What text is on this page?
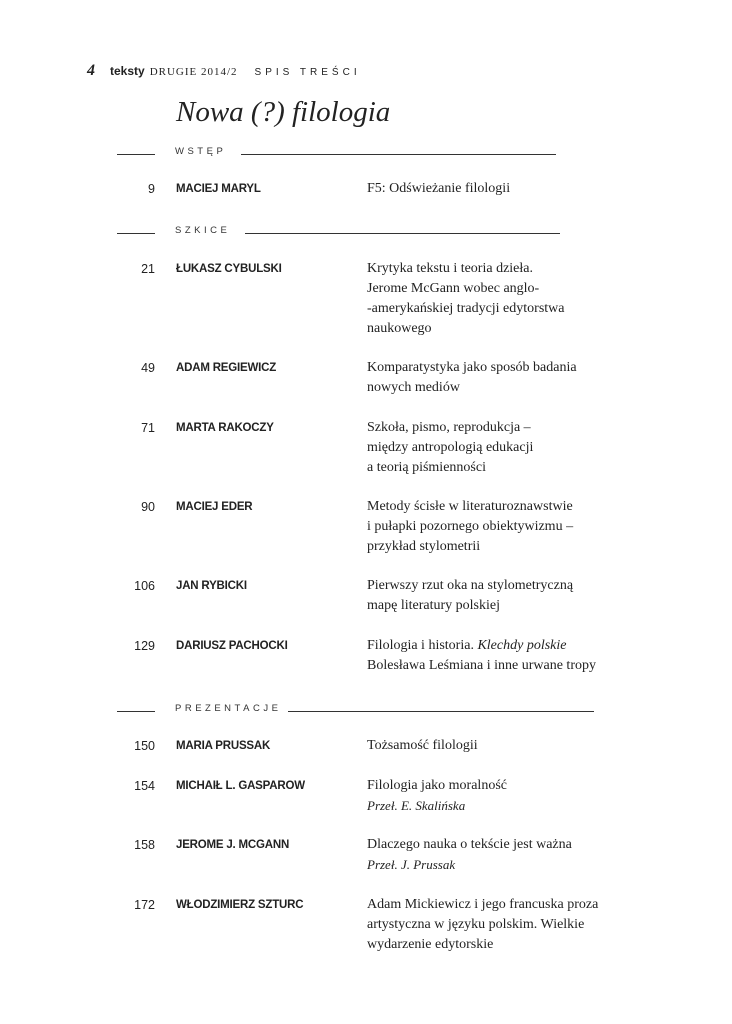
4 teksty DRUGIE 2014/2 SPIS TREŚCI
Nowa (?) filologia
WSTĘP
9 MACIEJ MARYL	F5: Odświeżanie filologii
SZKICE
21 ŁUKASZ CYBULSKI	Krytyka tekstu i teoria dzieła.
Jerome McGann wobec anglo-
-amerykańskiej tradycji edytorstwa
naukowego
49 ADAM REGIEWICZ	Komparatystyka jako sposób badania
nowych mediów
71 MARTA RAKOCZY	Szkoła, pismo, reprodukcja –
między antropologią edukacji
a teorią piśmienności
90 MACIEJ EDER	Metody ścisłe w literaturoznawstwie
i pułapki pozornego obiektywizmu –
przykład stylometrii
106 JAN RYBICKI	Pierwszy rzut oka na stylometryczną
mapę literatury polskiej
129 DARIUSZ PACHOCKI	Filologia i historia. Klechdy polskie
Bolesława Leśmiana i inne urwane tropy
PREZENTACJE
150 MARIA PRUSSAK	Tożsamość filologii
154 MICHAIŁ L. GASPAROW	Filologia jako moralność
Przeł. E. Skalińska
158 JEROME J. MCGANN	Dlaczego nauka o tekście jest ważna
Przeł. J. Prussak
172 WŁODZIMIERZ SZTURC	Adam Mickiewicz i jego francuska proza
artystyczna w języku polskim. Wielkie
wydarzenie edytorskie
